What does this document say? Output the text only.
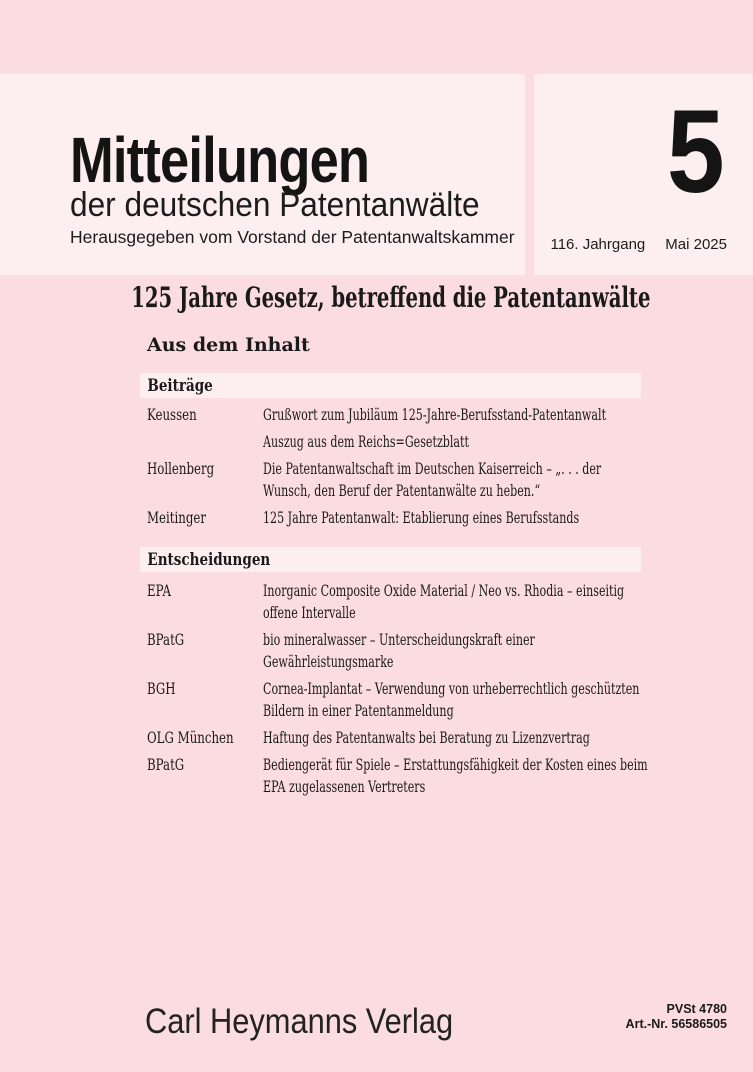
Mitteilungen
der deutschen Patentanwälte
Herausgegeben vom Vorstand der Patentanwaltskammer
5
116. Jahrgang Mai 2025
125 Jahre Gesetz, betreffend die Patentanwälte
Aus dem Inhalt
Beiträge
Keussen	Grußwort zum Jubiläum 125-Jahre-Berufsstand-Patentanwalt
Auszug aus dem Reichs=Gesetzblatt
Hollenberg	Die Patentanwaltschaft im Deutschen Kaiserreich – „. . . der Wunsch, den Beruf der Patentanwälte zu heben.“
Meitinger	125 Jahre Patentanwalt: Etablierung eines Berufsstands
Entscheidungen
EPA	Inorganic Composite Oxide Material / Neo vs. Rhodia – einseitig offene Intervalle
BPatG	bio mineralwasser – Unterscheidungskraft einer Gewährleistungsmarke
BGH	Cornea-Implantat – Verwendung von urheberrechtlich geschützten Bildern in einer Patentanmeldung
OLG München	Haftung des Patentanwalts bei Beratung zu Lizenzvertrag
BPatG	Bediengerät für Spiele – Erstattungsfähigkeit der Kosten eines beim EPA zugelassenen Vertreters
Carl Heymanns Verlag	PVSt 4780
Art.-Nr. 56586505
